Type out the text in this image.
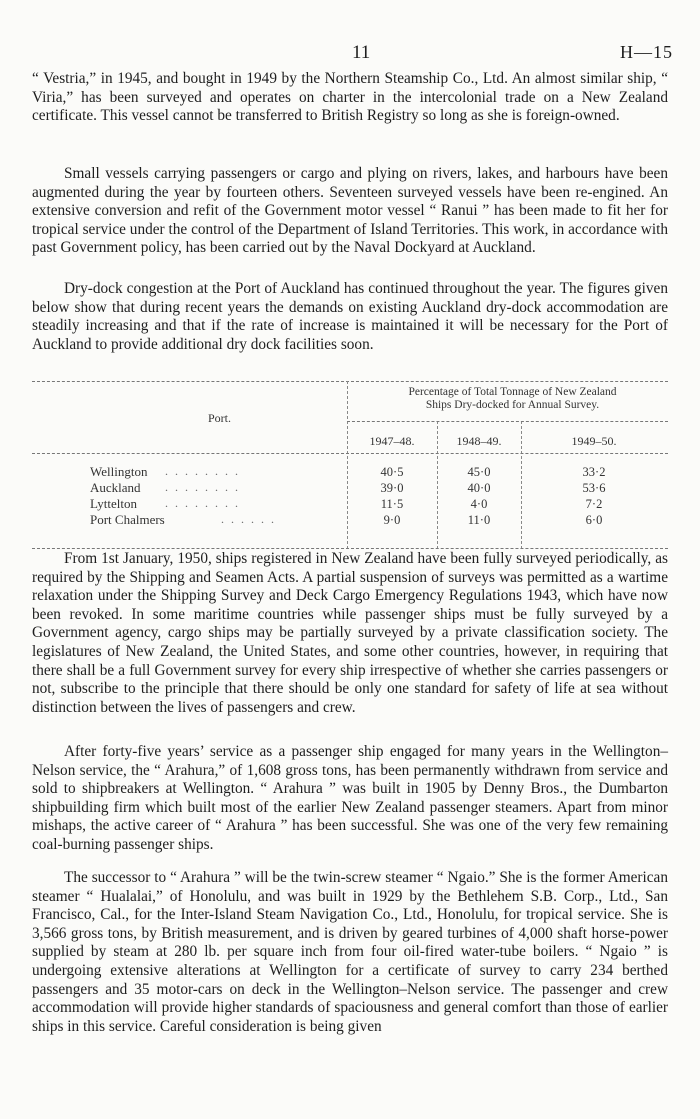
11	H—15

“ Vestria,” in 1945, and bought in 1949 by the Northern Steamship Co., Ltd. An almost similar ship, “ Viria,” has been surveyed and operates on charter in the intercolonial trade on a New Zealand certificate. This vessel cannot be transferred to British Registry so long as she is foreign-owned.

Small vessels carrying passengers or cargo and plying on rivers, lakes, and harbours have been augmented during the year by fourteen others. Seventeen surveyed vessels have been re-engined. An extensive conversion and refit of the Government motor vessel “ Ranui ” has been made to fit her for tropical service under the control of the Department of Island Territories. This work, in accordance with past Government policy, has been carried out by the Naval Dockyard at Auckland.

Dry-dock congestion at the Port of Auckland has continued throughout the year. The figures given below show that during recent years the demands on existing Auckland dry-dock accommodation are steadily increasing and that if the rate of increase is maintained it will be necessary for the Port of Auckland to provide additional dry dock facilities soon.

Port.
Percentage of Total Tonnage of New Zealand
Ships Dry-docked for Annual Survey.
1947–48.	1948–49.	1949–50.
Wellington . . . . . . . .	40·5	45·0	33·2
Auckland . . . . . . . .	39·0	40·0	53·6
Lyttelton . . . . . . . .	11·5	4·0	7·2
Port Chalmers	. . . . . .	9·0	11·0	6·0

From 1st January, 1950, ships registered in New Zealand have been fully surveyed periodically, as required by the Shipping and Seamen Acts. A partial suspension of surveys was permitted as a wartime relaxation under the Shipping Survey and Deck Cargo Emergency Regulations 1943, which have now been revoked. In some maritime countries while passenger ships must be fully surveyed by a Government agency, cargo ships may be partially surveyed by a private classification society. The legislatures of New Zealand, the United States, and some other countries, however, in requiring that there shall be a full Government survey for every ship irrespective of whether she carries passengers or not, subscribe to the principle that there should be only one standard for safety of life at sea without distinction between the lives of passengers and crew.

After forty-five years’ service as a passenger ship engaged for many years in the Wellington–Nelson service, the “ Arahura,” of 1,608 gross tons, has been permanently withdrawn from service and sold to shipbreakers at Wellington. “ Arahura ” was built in 1905 by Denny Bros., the Dumbarton shipbuilding firm which built most of the earlier New Zealand passenger steamers. Apart from minor mishaps, the active career of “ Arahura ” has been successful. She was one of the very few remaining coal-burning passenger ships.

The successor to “ Arahura ” will be the twin-screw steamer “ Ngaio.” She is the former American steamer “ Hualalai,” of Honolulu, and was built in 1929 by the Bethlehem S.B. Corp., Ltd., San Francisco, Cal., for the Inter-Island Steam Navigation Co., Ltd., Honolulu, for tropical service. She is 3,566 gross tons, by British measurement, and is driven by geared turbines of 4,000 shaft horse-power supplied by steam at 280 lb. per square inch from four oil-fired water-tube boilers. “ Ngaio ” is undergoing extensive alterations at Wellington for a certificate of survey to carry 234 berthed passengers and 35 motor-cars on deck in the Wellington–Nelson service. The passenger and crew accommodation will provide higher standards of spaciousness and general comfort than those of earlier ships in this service. Careful consideration is being given
